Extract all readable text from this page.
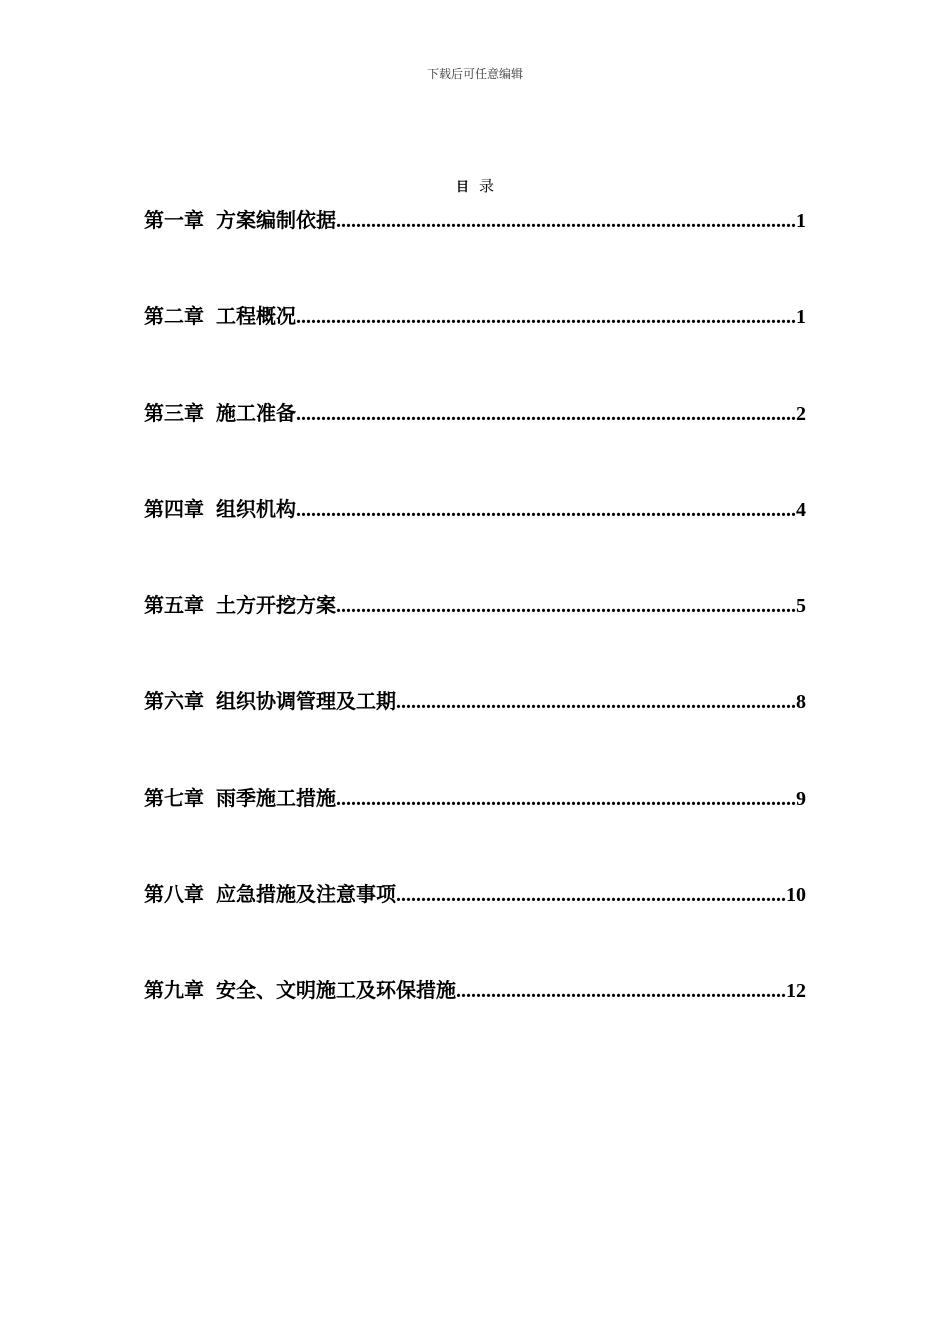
下载后可任意编辑
目 录
第一章 方案编制依据 .....	1
第二章 工程概况 .....	1
第三章 施工准备 .....	2
第四章 组织机构 .....	4
第五章 土方开挖方案 .....	5
第六章 组织协调管理及工期 .....	8
第七章 雨季施工措施 .....	9
第八章 应急措施及注意事项 .....	10
第九章 安全、文明施工及环保措施 .....	12
